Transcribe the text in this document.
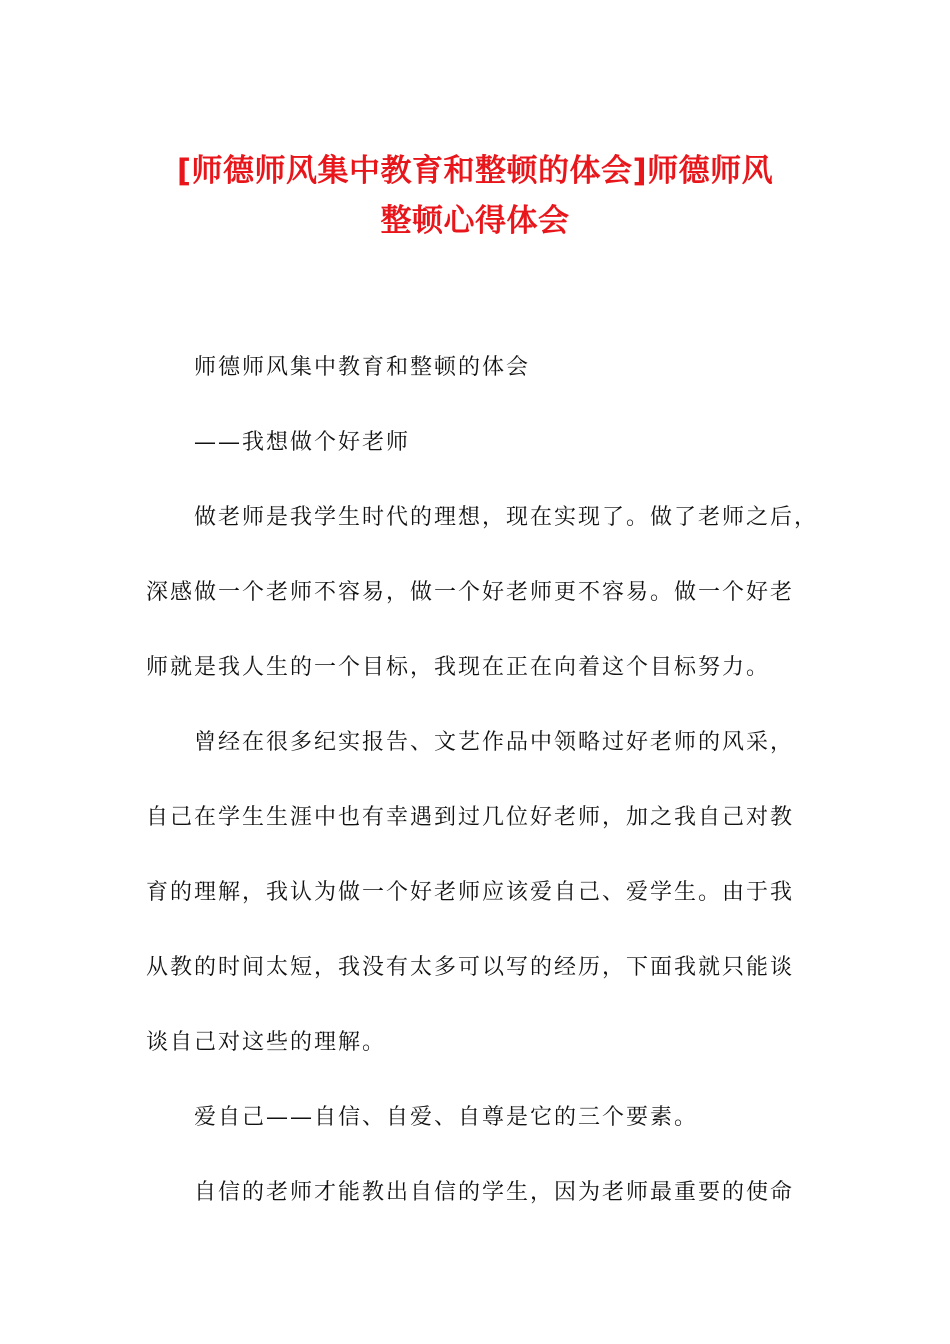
[师德师风集中教育和整顿的体会]师德师风
整顿心得体会

师德师风集中教育和整顿的体会

——我想做个好老师

做老师是我学生时代的理想，现在实现了。做了老师之后，

深感做一个老师不容易，做一个好老师更不容易。做一个好老

师就是我人生的一个目标，我现在正在向着这个目标努力。

曾经在很多纪实报告、文艺作品中领略过好老师的风采，

自己在学生生涯中也有幸遇到过几位好老师，加之我自己对教

育的理解，我认为做一个好老师应该爱自己、爱学生。由于我

从教的时间太短，我没有太多可以写的经历，下面我就只能谈

谈自己对这些的理解。

爱自己——自信、自爱、自尊是它的三个要素。

自信的老师才能教出自信的学生，因为老师最重要的使命
